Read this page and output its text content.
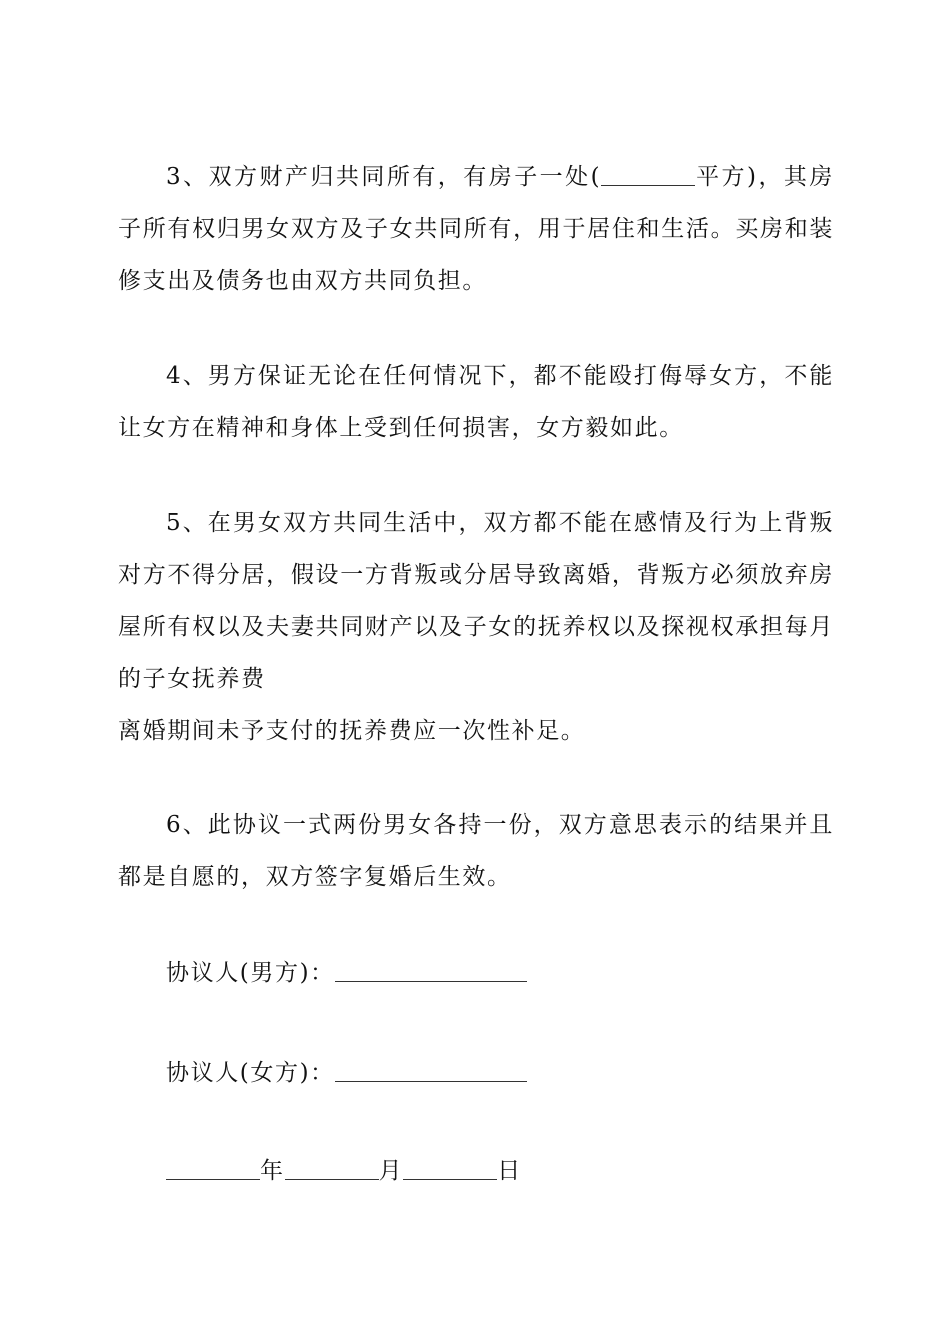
3、双方财产归共同所有，有房子一处(	平方)，其房子所有权归男女双方及子女共同所有，用于居住和生活。买房和装修支出及债务也由双方共同负担。

4、男方保证无论在任何情况下，都不能殴打侮辱女方，不能让女方在精神和身体上受到任何损害，女方毅如此。

5、在男女双方共同生活中，双方都不能在感情及行为上背叛对方不得分居，假设一方背叛或分居导致离婚，背叛方必须放弃房屋所有权以及夫妻共同财产以及子女的抚养权以及探视权承担每月的子女抚养费
离婚期间未予支付的抚养费应一次性补足。

6、此协议一式两份男女各持一份，双方意思表示的结果并且都是自愿的，双方签字复婚后生效。

协议人(男方)：
协议人(女方)：
年	月	日
